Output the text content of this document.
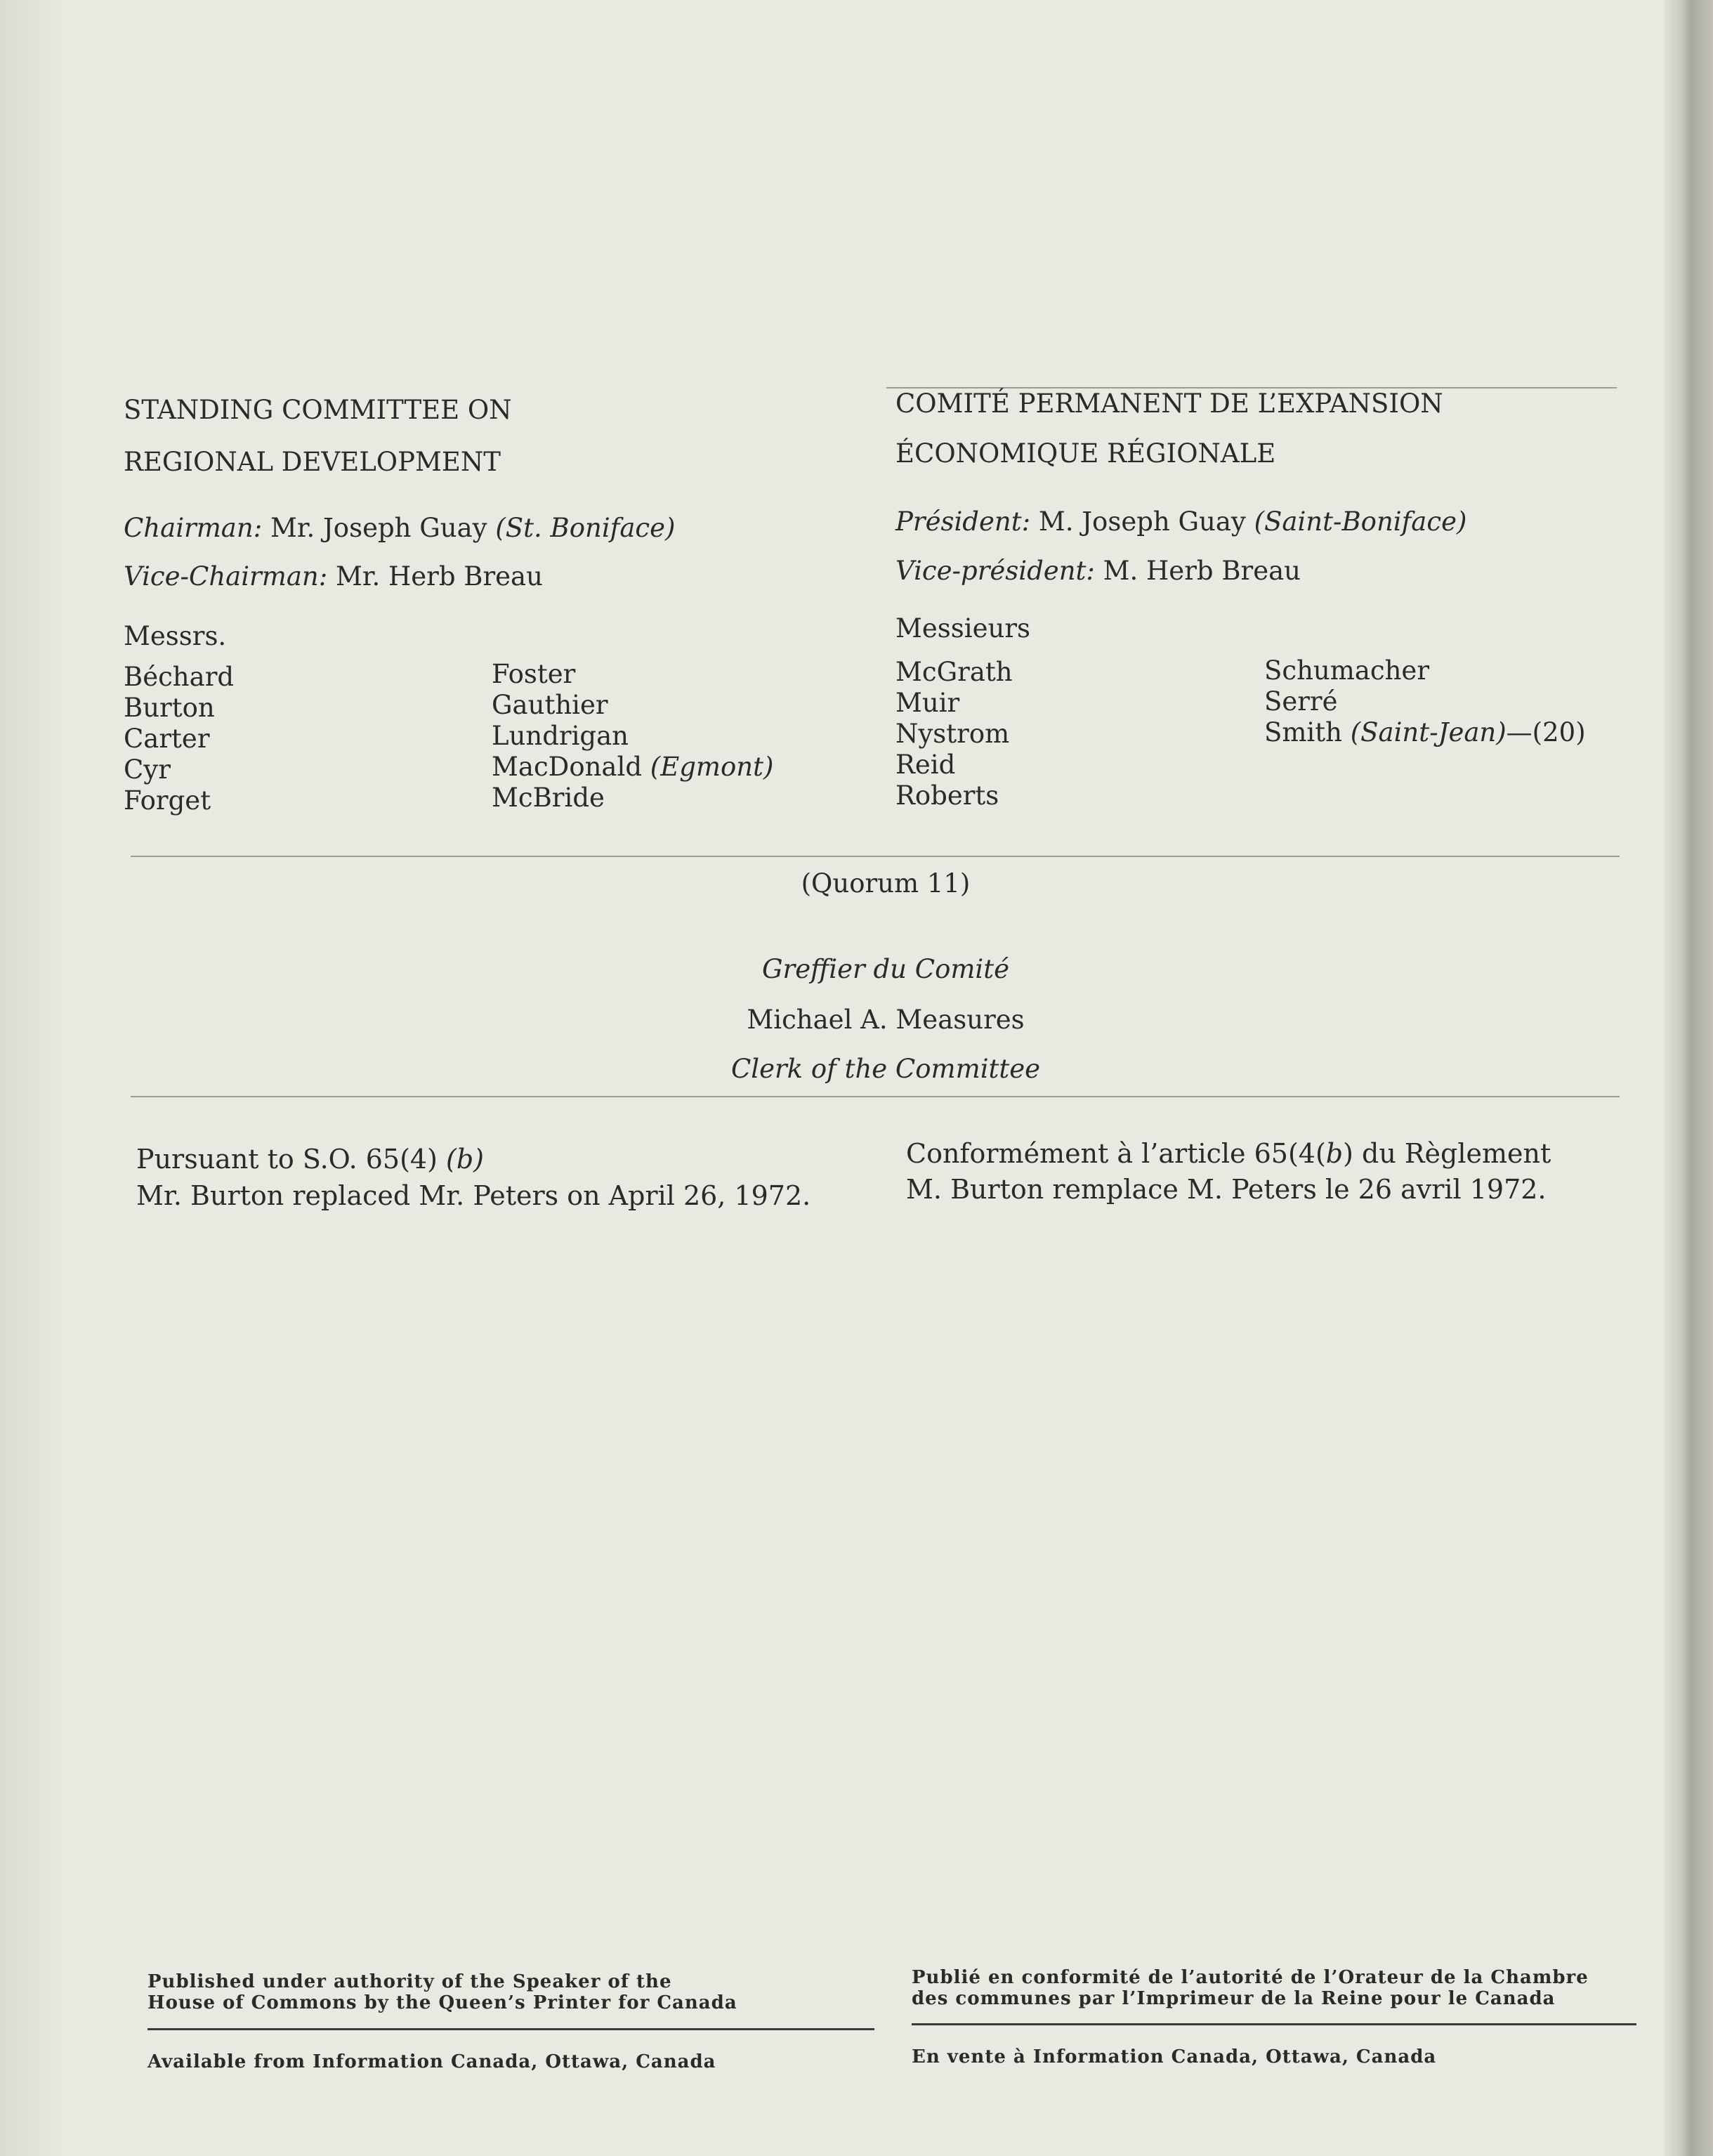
STANDING COMMITTEE ON
REGIONAL DEVELOPMENT
Chairman: Mr. Joseph Guay (St. Boniface)
Vice-Chairman: Mr. Herb Breau
Messrs.
Béchard
Burton
Carter
Cyr
Forget
Foster
Gauthier
Lundrigan
MacDonald (Egmont)
McBride
COMITÉ PERMANENT DE L’EXPANSION
ÉCONOMIQUE RÉGIONALE
Président: M. Joseph Guay (Saint-Boniface)
Vice-président: M. Herb Breau
Messieurs
McGrath
Muir
Nystrom
Reid
Roberts
Schumacher
Serré
Smith (Saint-Jean)—(20)
(Quorum 11)
Greffier du Comité
Michael A. Measures
Clerk of the Committee
Pursuant to S.O. 65(4) (b)
Mr. Burton replaced Mr. Peters on April 26, 1972.
Conformément à l’article 65(4(b) du Règlement
M. Burton remplace M. Peters le 26 avril 1972.
Published under authority of the Speaker of the
House of Commons by the Queen’s Printer for Canada
Available from Information Canada, Ottawa, Canada
Publié en conformité de l’autorité de l’Orateur de la Chambre
des communes par l’Imprimeur de la Reine pour le Canada
En vente à Information Canada, Ottawa, Canada
